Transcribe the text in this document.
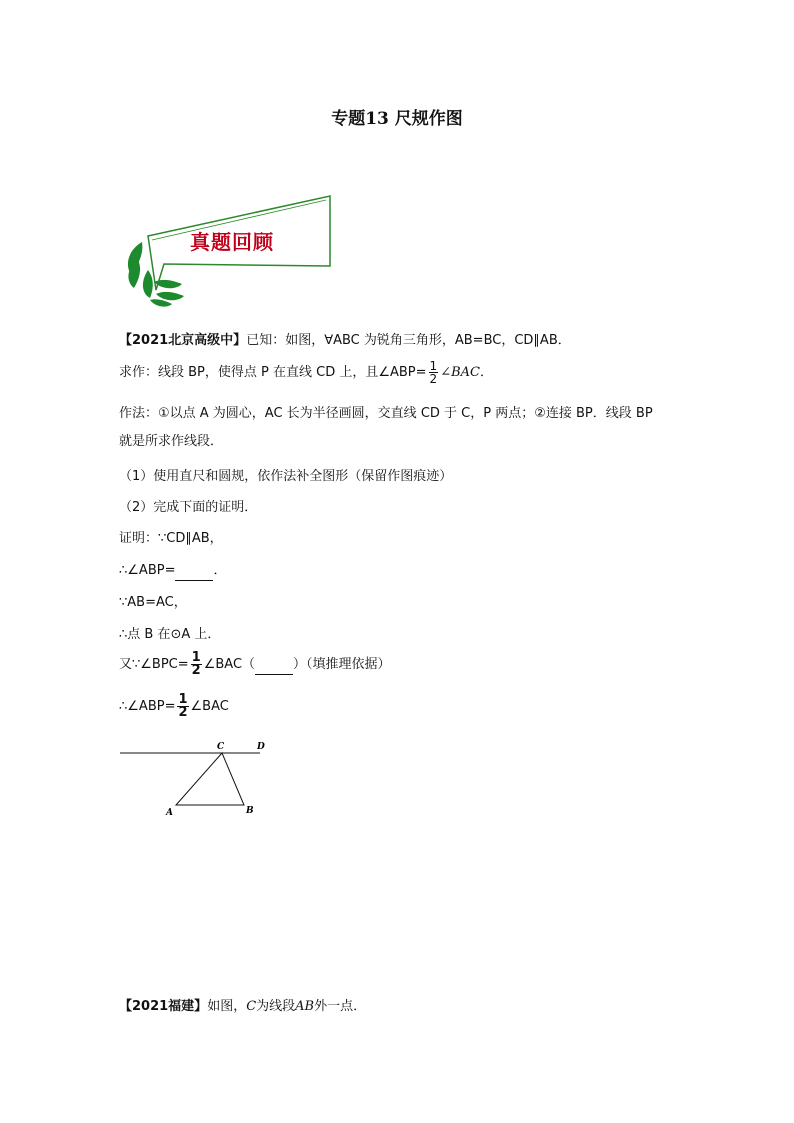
专题13 尺规作图
真题回顾
【2021北京高级中】已知：如图，∀ABC 为锐角三角形，AB=BC，CD∥AB．
求作：线段 BP，使得点 P 在直线 CD 上，且∠ABP= $\frac{1}{2}$ ∠BAC．
作法：①以点 A 为圆心，AC 长为半径画圆，交直线 CD 于 C，P 两点；②连接 BP．线段 BP
就是所求作线段．
（1）使用直尺和圆规，依作法补全图形（保留作图痕迹）
（2）完成下面的证明．
证明：∵CD∥AB，
∴∠ABP=	．
∵AB=AC，
∴点 B 在⊙A 上．
又∵∠BPC= $\frac{1}{2}$ ∠BAC（	）（填推理依据）
∴∠ABP= $\frac{1}{2}$ ∠BAC
C	D
A	B
【2021福建】如图，C为线段AB外一点．
